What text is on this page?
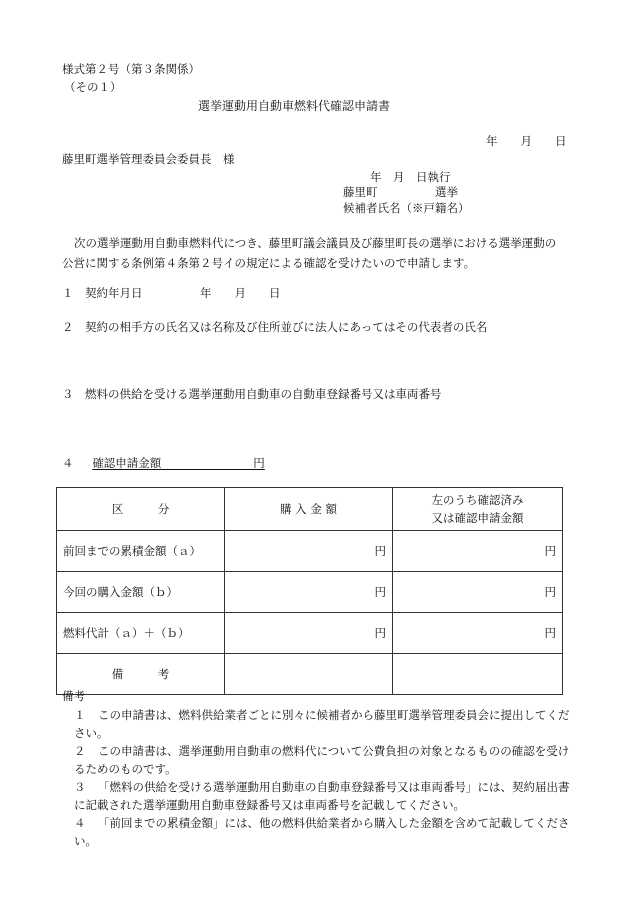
様式第２号（第３条関係）
（その１）
選挙運動用自動車燃料代確認申請書
年　　月　　日
藤里町選挙管理委員会委員長　様
年　月　日執行
藤里町　　　　　選挙
候補者氏名（※戸籍名）
次の選挙運動用自動車燃料代につき、藤里町議会議員及び藤里町長の選挙における選挙運動の公営に関する条例第４条第２号イの規定による確認を受けたいので申請します。
１　契約年月日　　　　　年　　月　　日
２　契約の相手方の氏名又は名称及び住所並びに法人にあってはその代表者の氏名
３　燃料の供給を受ける選挙運動用自動車の自動車登録番号又は車両番号
４ 　 確認申請金額　　　　　　　　円
区　　　分	購 入 金 額	左のうち確認済み
又は確認申請金額
前回までの累積金額（ａ）	円	円
今回の購入金額（ｂ）	円	円
燃料代計（ａ）＋（ｂ）	円	円
備　　　考		
備考
１ この申請書は、燃料供給業者ごとに別々に候補者から藤里町選挙管理委員会に提出してください。
２ この申請書は、選挙運動用自動車の燃料代について公費負担の対象となるものの確認を受けるためのものです。
３ 「燃料の供給を受ける選挙運動用自動車の自動車登録番号又は車両番号」には、契約届出書に記載された選挙運動用自動車登録番号又は車両番号を記載してください。
４ 「前回までの累積金額」には、他の燃料供給業者から購入した金額を含めて記載してください。
